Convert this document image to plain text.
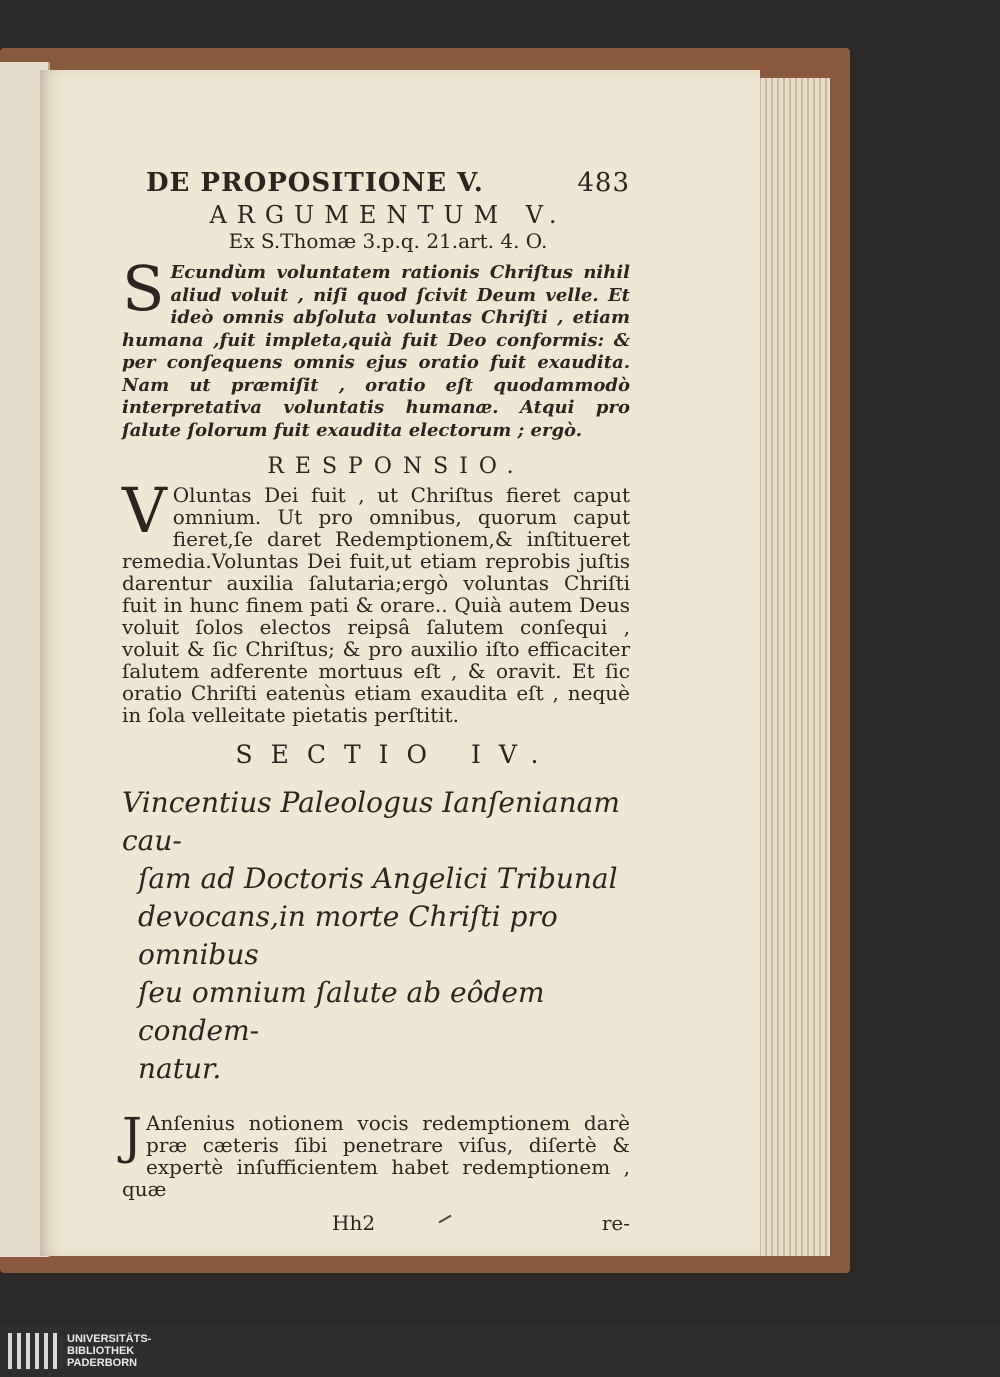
DE PROPOSITIONE V.	483
ARGUMENTUM V.
Ex S.Thomæ 3.p.q. 21.art. 4. O.
S Ecundùm voluntatem rationis Chriſtus nihil aliud voluit , niſi quod ſcivit Deum velle. Et ideò omnis abſoluta voluntas Chriſti , etiam humana ,fuit impleta,quià fuit Deo conformis: & per conſequens omnis ejus oratio fuit exaudita. Nam ut præmiſit , oratio eſt quodammodò interpretativa voluntatis humanæ. Atqui pro ſalute ſolorum fuit exaudita electorum ; ergò.
RESPONSIO.
V Oluntas Dei fuit , ut Chriſtus fieret caput omnium. Ut pro omnibus, quorum caput fieret,ſe daret Redemptionem,& inſtitueret remedia.Voluntas Dei fuit,ut etiam reprobis juſtis darentur auxilia ſalutaria;ergò voluntas Chriſti fuit in hunc finem pati & orare.. Quià autem Deus voluit ſolos electos reipsâ ſalutem conſequi , voluit & ſic Chriſtus; & pro auxilio iſto efficaciter ſalutem adferente mortuus eſt , & oravit. Et ſic oratio Chriſti eatenùs etiam exaudita eſt , nequè in ſola velleitate pietatis perſtitit.
SECTIO IV.
Vincentius Paleologus Ianſenianam cau-
ſam ad Doctoris Angelici Tribunal
devocans,in morte Chriſti pro omnibus
ſeu omnium ſalute ab eôdem condem-
natur.
J Anſenius notionem vocis redemptionem darè præ cæteris ſibi penetrare viſus, diſertè & expertè inſufficientem habet redemptionem , quæ
Hh2	re-
UNIVERSITÄTS-
BIBLIOTHEK
PADERBORN
